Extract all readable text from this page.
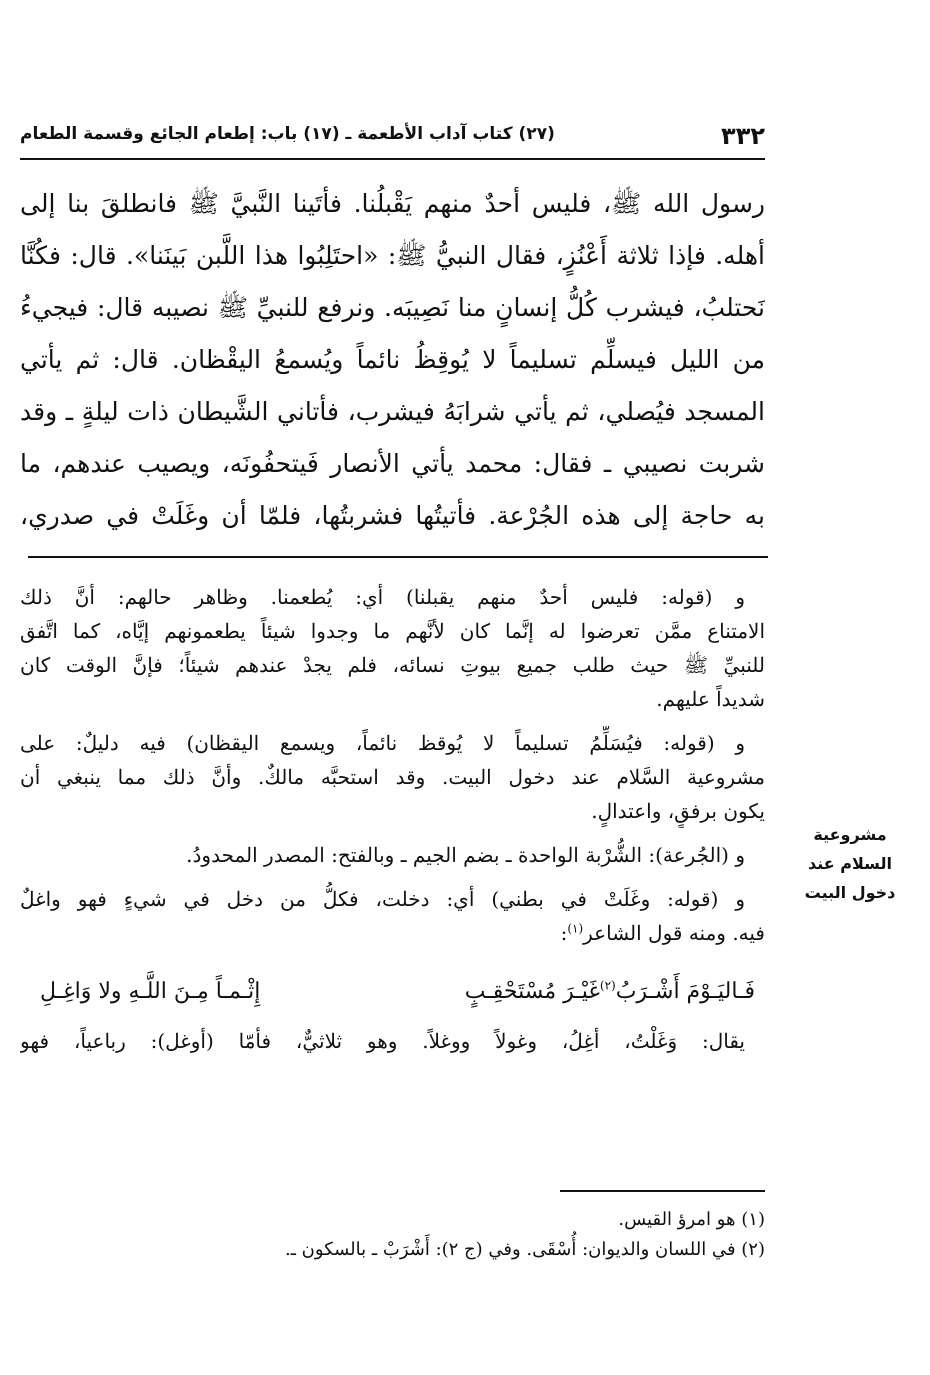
٣٣٢
(٢٧) كتاب آداب الأطعمة ـ (١٧) باب: إطعام الجائع وقسمة الطعام
رسول الله ﷺ، فليس أحدٌ منهم يَقْبلُنا. فأتَينا النَّبيَّ ﷺ فانطلقَ بنا إلى
أهله. فإذا ثلاثة أَعْنُزٍ، فقال النبيُّ ﷺ: «احتَلِبُوا هذا اللَّبن بَينَنا». قال: فكُنَّا
نَحتلبُ، فيشرب كُلُّ إنسانٍ منا نَصِيبَه. ونرفع للنبيِّ ﷺ نصيبه قال: فيجيءُ
من الليل فيسلِّم تسليماً لا يُوقِظُ نائماً ويُسمعُ اليقْظان. قال: ثم يأتي
المسجد فيُصلي، ثم يأتي شرابَهُ فيشرب، فأتاني الشَّيطان ذات ليلةٍ ـ وقد
شربت نصيبي ـ فقال: محمد يأتي الأنصار فَيتحفُونَه، ويصيب عندهم، ما
به حاجة إلى هذه الجُرْعة. فأتيتُها فشربتُها، فلمّا أن وغَلَتْ في صدري،
و (قوله: فليس أحدٌ منهم يقبلنا) أي: يُطعمنا. وظاهر حالهم: أنَّ ذلك
الامتناع ممَّن تعرضوا له إنَّما كان لأنَّهم ما وجدوا شيئاً يطعمونهم إيَّاه، كما اتَّفق
للنبيِّ ﷺ حيث طلب جميع بيوتِ نسائه، فلم يجدْ عندهم شيئاً؛ فإنَّ الوقت كان
شديداً عليهم.
و (قوله: فيُسَلِّمُ تسليماً لا يُوقظ نائماً، ويسمع اليقظان) فيه دليلٌ: على
مشروعية السَّلام عند دخول البيت. وقد استحبَّه مالكٌ. وأنَّ ذلك مما ينبغي أن
يكون برفقٍ، واعتدالٍ.
و (الجُرعة): الشُّرْبة الواحدة ـ بضم الجيم ـ وبالفتح: المصدر المحدودُ.
و (قوله: وغَلَتْ في بطني) أي: دخلت، فكلُّ من دخل في شيءٍ فهو واغلٌ
فيه. ومنه قول الشاعر$^{(١)}$:
فَـاليَـوْمَ أَشْـرَبُ$^{(٢)}$غَيْـرَ مُسْتَحْقِـبٍ
إِثْـمـاً مِـنَ اللَّـهِ ولا وَاغِـلِ
يقال: وَغَلْتُ، أغِلُ، وغولاً ووغلاً. وهو ثلاثيٌّ، فأمّا (أوغل): رباعياً، فهو
مشروعية
السلام عند
دخول البيت
(١) هو امرؤ القيس.
(٢) في اللسان والديوان: أُسْقَى. وفي (ج ٢): أَشْرَبْ ـ بالسكون ـ.
